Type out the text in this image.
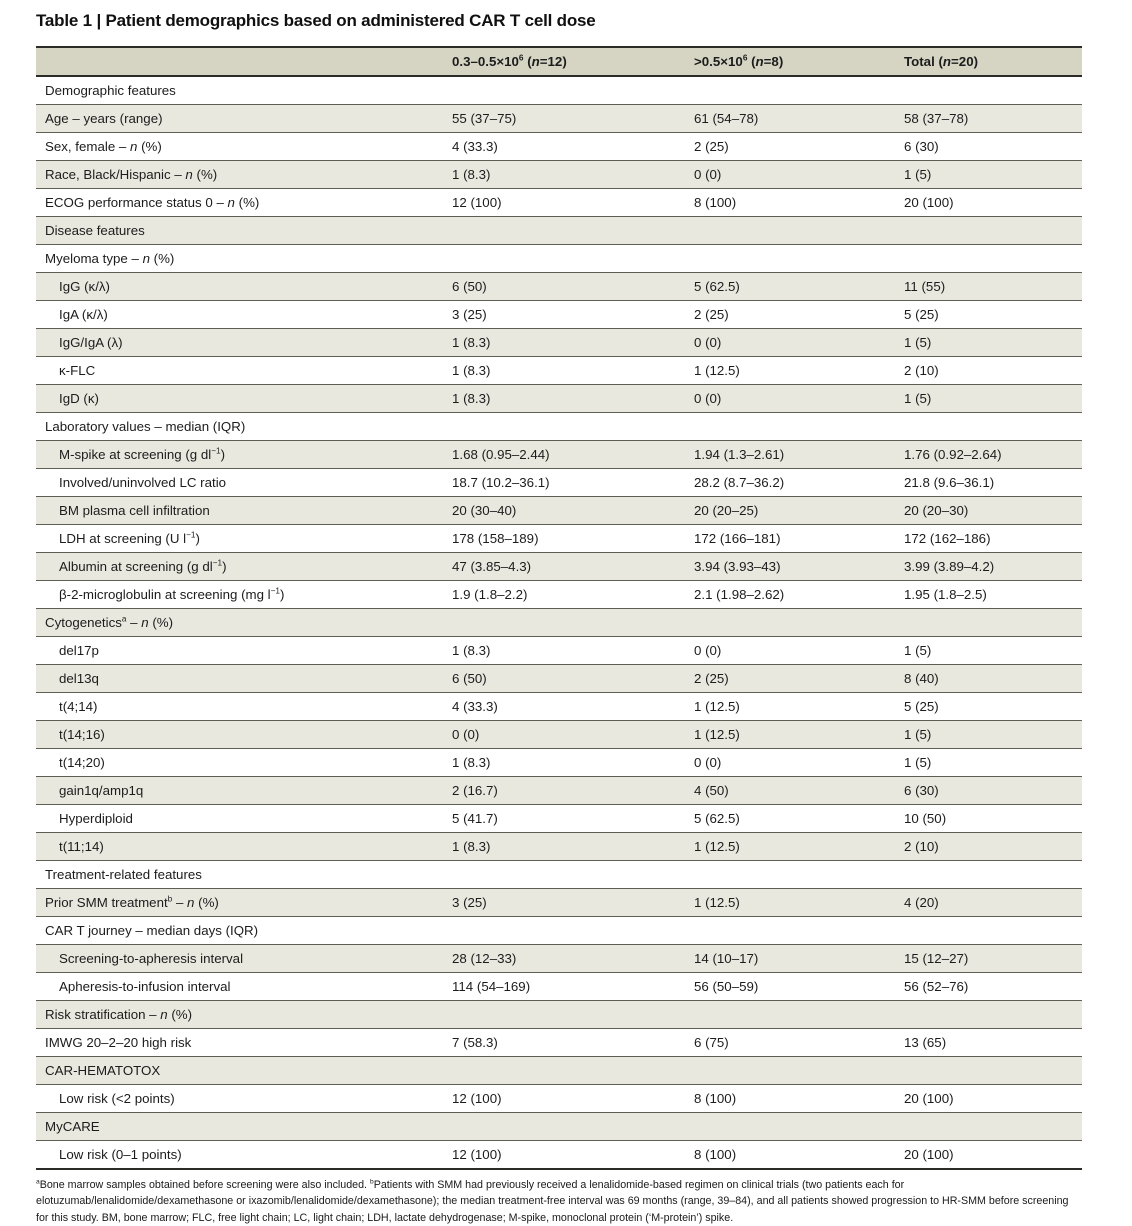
Table 1 | Patient demographics based on administered CAR T cell dose
	$0.3-0.5\times 10^6$ (n=12)	$>0.5\times 10^6$ (n=8)	Total (n=20)
Demographic features			
Age – years (range)	55 (37–75)	61 (54–78)	58 (37–78)
Sex, female – n (%)	4 (33.3)	2 (25)	6 (30)
Race, Black/Hispanic – n (%)	1 (8.3)	0 (0)	1 (5)
ECOG performance status 0 – n (%)	12 (100)	8 (100)	20 (100)
Disease features			
Myeloma type – n (%)			
IgG (κ/λ)	6 (50)	5 (62.5)	11 (55)
IgA (κ/λ)	3 (25)	2 (25)	5 (25)
IgG/IgA (λ)	1 (8.3)	0 (0)	1 (5)
κ-FLC	1 (8.3)	1 (12.5)	2 (10)
IgD (κ)	1 (8.3)	0 (0)	1 (5)
Laboratory values – median (IQR)			
M-spike at screening (g $dl^{-1}$)	1.68 (0.95–2.44)	1.94 (1.3–2.61)	1.76 (0.92–2.64)
Involved/uninvolved LC ratio	18.7 (10.2–36.1)	28.2 (8.7–36.2)	21.8 (9.6–36.1)
BM plasma cell infiltration	20 (30–40)	20 (20–25)	20 (20–30)
LDH at screening (U $l^{-1}$)	178 (158–189)	172 (166–181)	172 (162–186)
Albumin at screening (g $dl^{-1}$)	47 (3.85–4.3)	3.94 (3.93–43)	3.99 (3.89–4.2)
β-2-microglobulin at screening (mg $l^{-1}$)	1.9 (1.8–2.2)	2.1 (1.98–2.62)	1.95 (1.8–2.5)
Cytogenetics$^a$ – n (%)			
del17p	1 (8.3)	0 (0)	1 (5)
del13q	6 (50)	2 (25)	8 (40)
t(4;14)	4 (33.3)	1 (12.5)	5 (25)
t(14;16)	0 (0)	1 (12.5)	1 (5)
t(14;20)	1 (8.3)	0 (0)	1 (5)
gain1q/amp1q	2 (16.7)	4 (50)	6 (30)
Hyperdiploid	5 (41.7)	5 (62.5)	10 (50)
t(11;14)	1 (8.3)	1 (12.5)	2 (10)
Treatment-related features			
Prior SMM treatment$^b$ – n (%)	3 (25)	1 (12.5)	4 (20)
CAR T journey – median days (IQR)			
Screening-to-apheresis interval	28 (12–33)	14 (10–17)	15 (12–27)
Apheresis-to-infusion interval	114 (54–169)	56 (50–59)	56 (52–76)
Risk stratification – n (%)			
IMWG 20–2–20 high risk	7 (58.3)	6 (75)	13 (65)
CAR-HEMATOTOX			
Low risk (<2 points)	12 (100)	8 (100)	20 (100)
MyCARE			
Low risk (0–1 points)	12 (100)	8 (100)	20 (100)

$^a$Bone marrow samples obtained before screening were also included. $^b$Patients with SMM had previously received a lenalidomide-based regimen on clinical trials (two patients each for elotuzumab/lenalidomide/dexamethasone or ixazomib/lenalidomide/dexamethasone); the median treatment-free interval was 69 months (range, 39–84), and all patients showed progression to HR-SMM before screening for this study. BM, bone marrow; FLC, free light chain; LC, light chain; LDH, lactate dehydrogenase; M-spike, monoclonal protein (‘M-protein’) spike.
